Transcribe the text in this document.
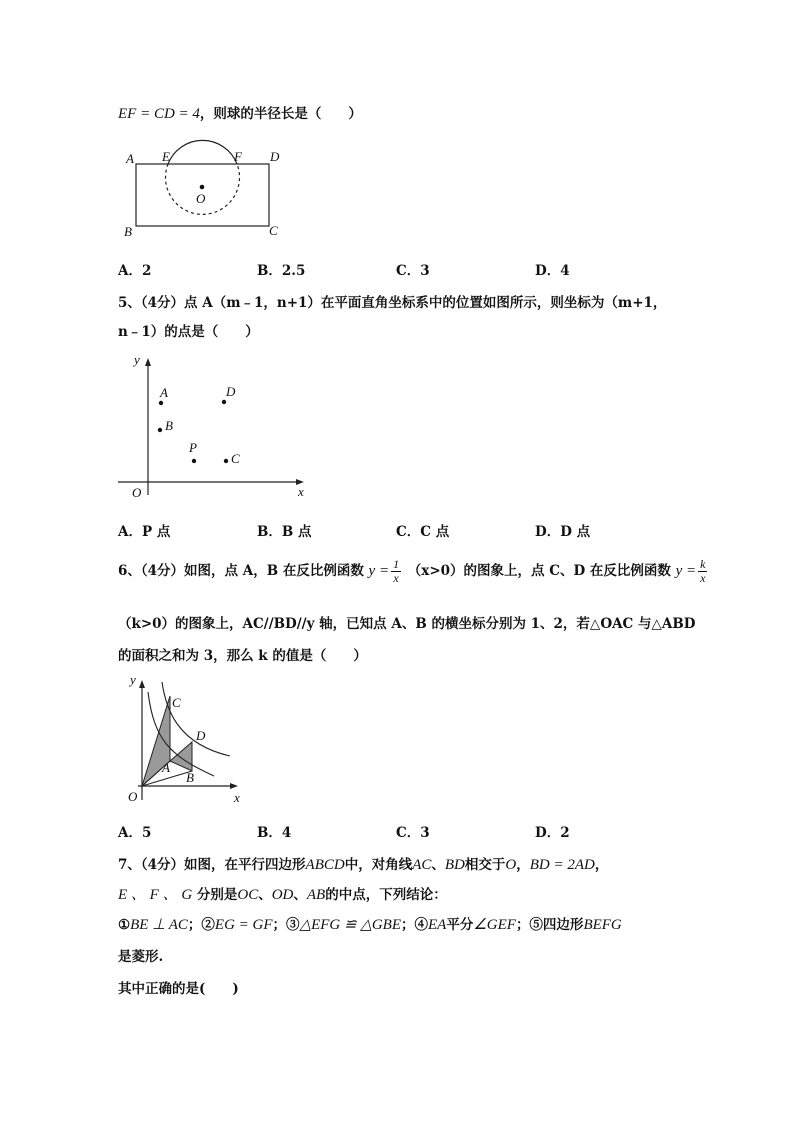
EF = CD = 4，则球的半径长是（　　）
A E	F D
O
B	C
A．2	B．2.5	C．3	D．4
5、（4分）点 A（m﹣1，n+1）在平面直角坐标系中的位置如图所示，则坐标为（m+1，
n﹣1）的点是（　　）
y
x
O
A
B
D
P
C
A．P 点	B．B 点	C．C 点	D．D 点
6、（4分）如图，点 A，B 在反比例函数 $y = \frac{1}{x} (x>0)$的图象上，点 C、D 在反比例函数 $y = \frac{k}{x}$
（k>0）的图象上，AC//BD//y 轴，已知点 A、B 的横坐标分别为 1、2，若△OAC 与△ABD
的面积之和为 3，那么 k 的值是（　　）
y
x
O
C
D
A
B
A．5	B．4	C．3	D．2
7、（4分）如图，在平行四边形ABCD中，对角线AC、BD相交于O，BD = 2AD，
E 、 F 、 G 分别是OC、OD、AB的中点，下列结论：
①BE ⊥ AC；②EG = GF；③△EFG ≌ △GBE；④EA平分∠GEF；⑤四边形BEFG
是菱形.
其中正确的是(　　)
